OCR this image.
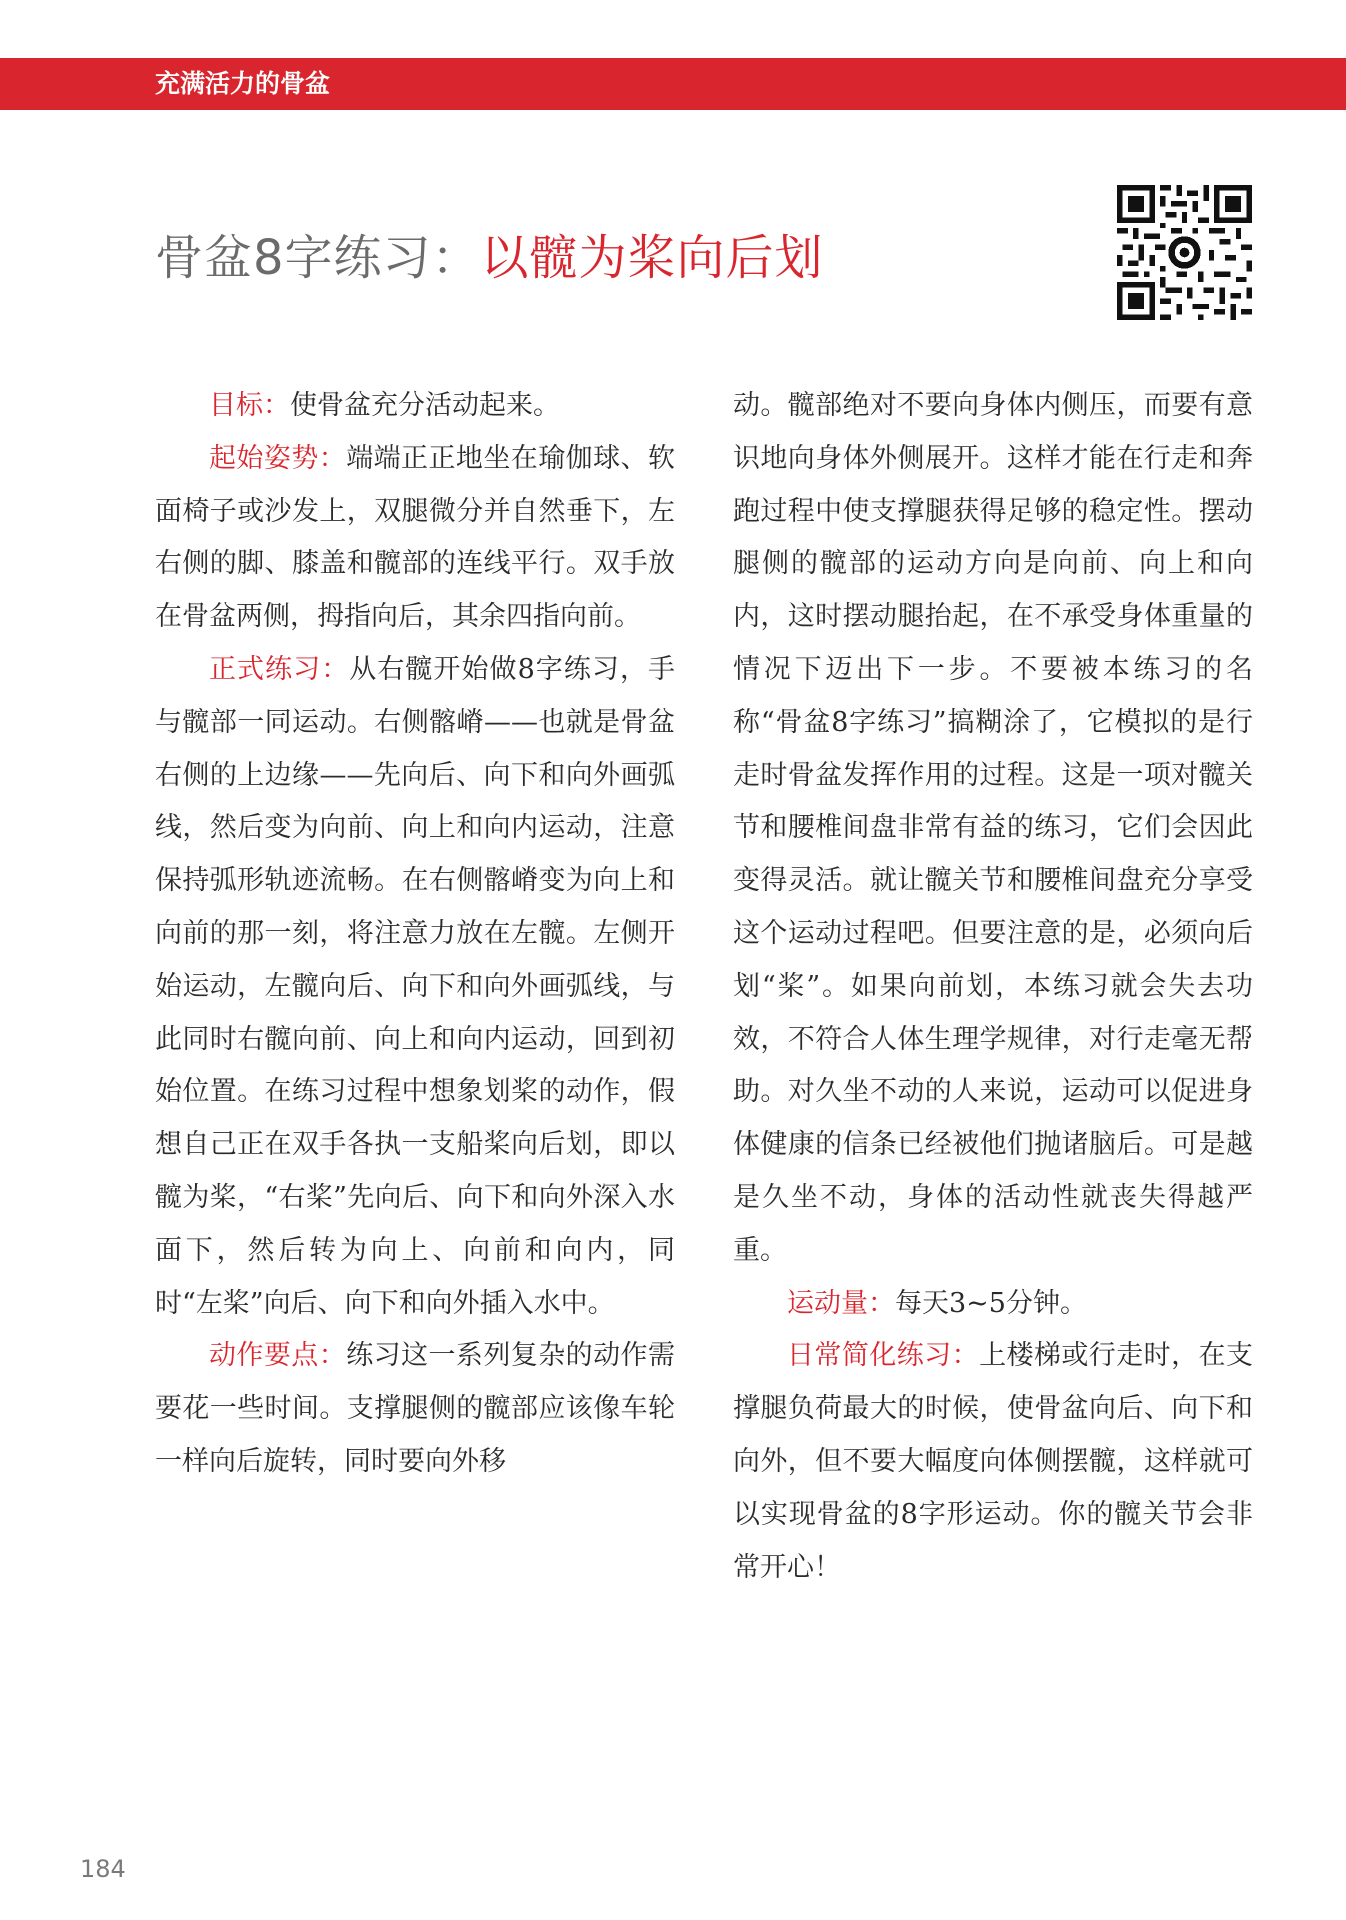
充满活力的骨盆
骨盆8字练习：以髋为桨向后划

目标：使骨盆充分活动起来。

起始姿势：端端正正地坐在瑜伽球、软面椅子或沙发上，双腿微分并自然垂下，左右侧的脚、膝盖和髋部的连线平行。双手放在骨盆两侧，拇指向后，其余四指向前。

正式练习：从右髋开始做8字练习，手与髋部一同运动。右侧髂嵴——也就是骨盆右侧的上边缘——先向后、向下和向外画弧线，然后变为向前、向上和向内运动，注意保持弧形轨迹流畅。在右侧髂嵴变为向上和向前的那一刻，将注意力放在左髋。左侧开始运动，左髋向后、向下和向外画弧线，与此同时右髋向前、向上和向内运动，回到初始位置。在练习过程中想象划桨的动作，假想自己正在双手各执一支船桨向后划，即以髋为桨，“右桨”先向后、向下和向外深入水面下，然后转为向上、向前和向内，同时“左桨”向后、向下和向外插入水中。

动作要点：练习这一系列复杂的动作需要花一些时间。支撑腿侧的髋部应该像车轮一样向后旋转，同时要向外移

动。髋部绝对不要向身体内侧压，而要有意识地向身体外侧展开。这样才能在行走和奔跑过程中使支撑腿获得足够的稳定性。摆动腿侧的髋部的运动方向是向前、向上和向内，这时摆动腿抬起，在不承受身体重量的情况下迈出下一步。不要被本练习的名称“骨盆8字练习”搞糊涂了，它模拟的是行走时骨盆发挥作用的过程。这是一项对髋关节和腰椎间盘非常有益的练习，它们会因此变得灵活。就让髋关节和腰椎间盘充分享受这个运动过程吧。但要注意的是，必须向后划“桨”。如果向前划，本练习就会失去功效，不符合人体生理学规律，对行走毫无帮助。对久坐不动的人来说，运动可以促进身体健康的信条已经被他们抛诸脑后。可是越是久坐不动，身体的活动性就丧失得越严重。

运动量：每天3~5分钟。

日常简化练习：上楼梯或行走时，在支撑腿负荷最大的时候，使骨盆向后、向下和向外，但不要大幅度向体侧摆髋，这样就可以实现骨盆的8字形运动。你的髋关节会非常开心！

184
